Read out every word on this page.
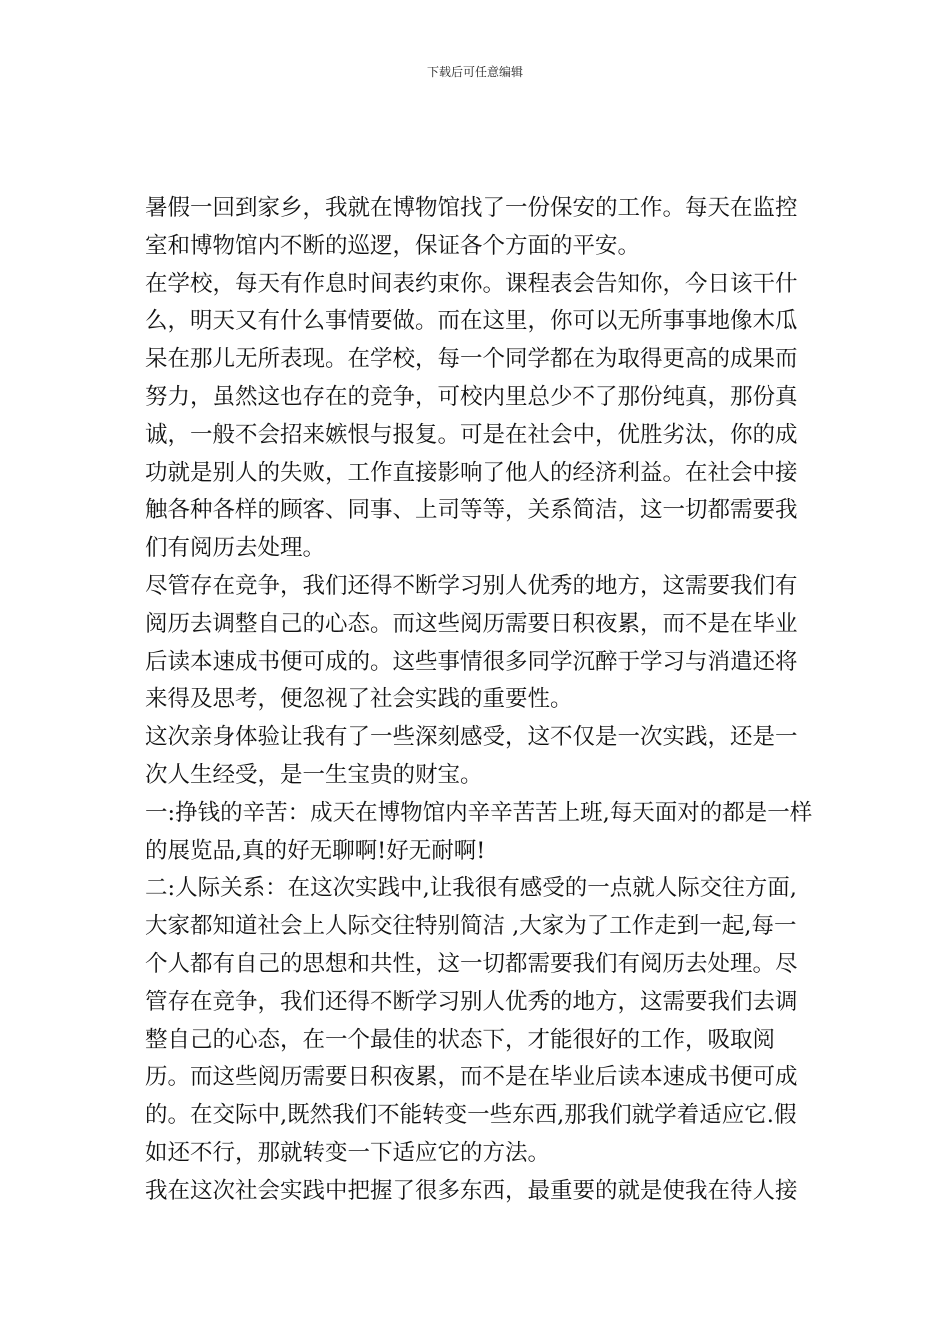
下载后可任意编辑

暑假一回到家乡，我就在博物馆找了一份保安的工作。每天在监控室和博物馆内不断的巡逻，保证各个方面的平安。

在学校，每天有作息时间表约束你。课程表会告知你，今日该干什么，明天又有什么事情要做。而在这里，你可以无所事事地像木瓜呆在那儿无所表现。在学校，每一个同学都在为取得更高的成果而努力，虽然这也存在的竞争，可校内里总少不了那份纯真，那份真诚，一般不会招来嫉恨与报复。可是在社会中，优胜劣汰，你的成功就是别人的失败，工作直接影响了他人的经济利益。在社会中接触各种各样的顾客、同事、上司等等，关系简洁，这一切都需要我们有阅历去处理。

尽管存在竞争，我们还得不断学习别人优秀的地方，这需要我们有阅历去调整自己的心态。而这些阅历需要日积夜累，而不是在毕业后读本速成书便可成的。这些事情很多同学沉醉于学习与消遣还将来得及思考，便忽视了社会实践的重要性。

这次亲身体验让我有了一些深刻感受，这不仅是一次实践，还是一次人生经受，是一生宝贵的财宝。

一:挣钱的辛苦：成天在博物馆内辛辛苦苦上班,每天面对的都是一样的展览品,真的好无聊啊!好无耐啊!

二:人际关系：在这次实践中,让我很有感受的一点就人际交往方面,大家都知道社会上人际交往特别简洁 ,大家为了工作走到一起,每一个人都有自己的思想和共性，这一切都需要我们有阅历去处理。尽管存在竞争，我们还得不断学习别人优秀的地方，这需要我们去调整自己的心态，在一个最佳的状态下，才能很好的工作，吸取阅历。而这些阅历需要日积夜累，而不是在毕业后读本速成书便可成的。在交际中,既然我们不能转变一些东西,那我们就学着适应它.假如还不行，那就转变一下适应它的方法。

我在这次社会实践中把握了很多东西，最重要的就是使我在待人接
